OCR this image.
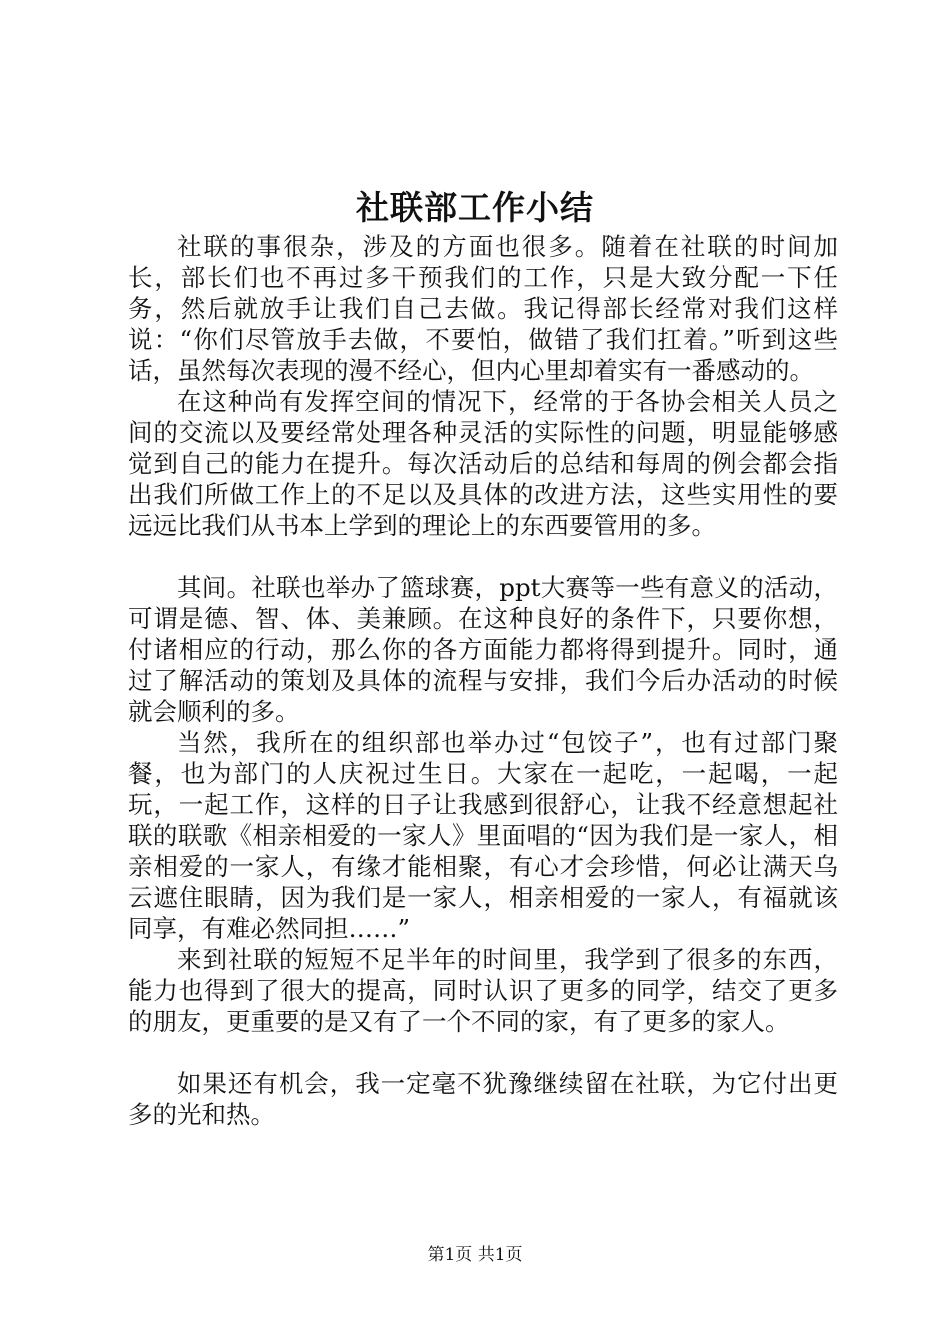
社联部工作小结

社联的事很杂，涉及的方面也很多。随着在社联的时间加长，部长们也不再过多干预我们的工作，只是大致分配一下任务，然后就放手让我们自己去做。我记得部长经常对我们这样说：“你们尽管放手去做，不要怕，做错了我们扛着。”听到这些话，虽然每次表现的漫不经心，但内心里却着实有一番感动的。

在这种尚有发挥空间的情况下，经常的于各协会相关人员之间的交流以及要经常处理各种灵活的实际性的问题，明显能够感觉到自己的能力在提升。每次活动后的总结和每周的例会都会指出我们所做工作上的不足以及具体的改进方法，这些实用性的要远远比我们从书本上学到的理论上的东西要管用的多。

其间。社联也举办了篮球赛，ppt大赛等一些有意义的活动，可谓是德、智、体、美兼顾。在这种良好的条件下，只要你想，付诸相应的行动，那么你的各方面能力都将得到提升。同时，通过了解活动的策划及具体的流程与安排，我们今后办活动的时候就会顺利的多。

当然，我所在的组织部也举办过“包饺子”，也有过部门聚餐，也为部门的人庆祝过生日。大家在一起吃，一起喝，一起玩，一起工作，这样的日子让我感到很舒心，让我不经意想起社联的联歌《相亲相爱的一家人》里面唱的“因为我们是一家人，相亲相爱的一家人，有缘才能相聚，有心才会珍惜，何必让满天乌云遮住眼睛，因为我们是一家人，相亲相爱的一家人，有福就该同享，有难必然同担……”

来到社联的短短不足半年的时间里，我学到了很多的东西，能力也得到了很大的提高，同时认识了更多的同学，结交了更多的朋友，更重要的是又有了一个不同的家，有了更多的家人。

如果还有机会，我一定毫不犹豫继续留在社联，为它付出更多的光和热。

第1页 共1页
